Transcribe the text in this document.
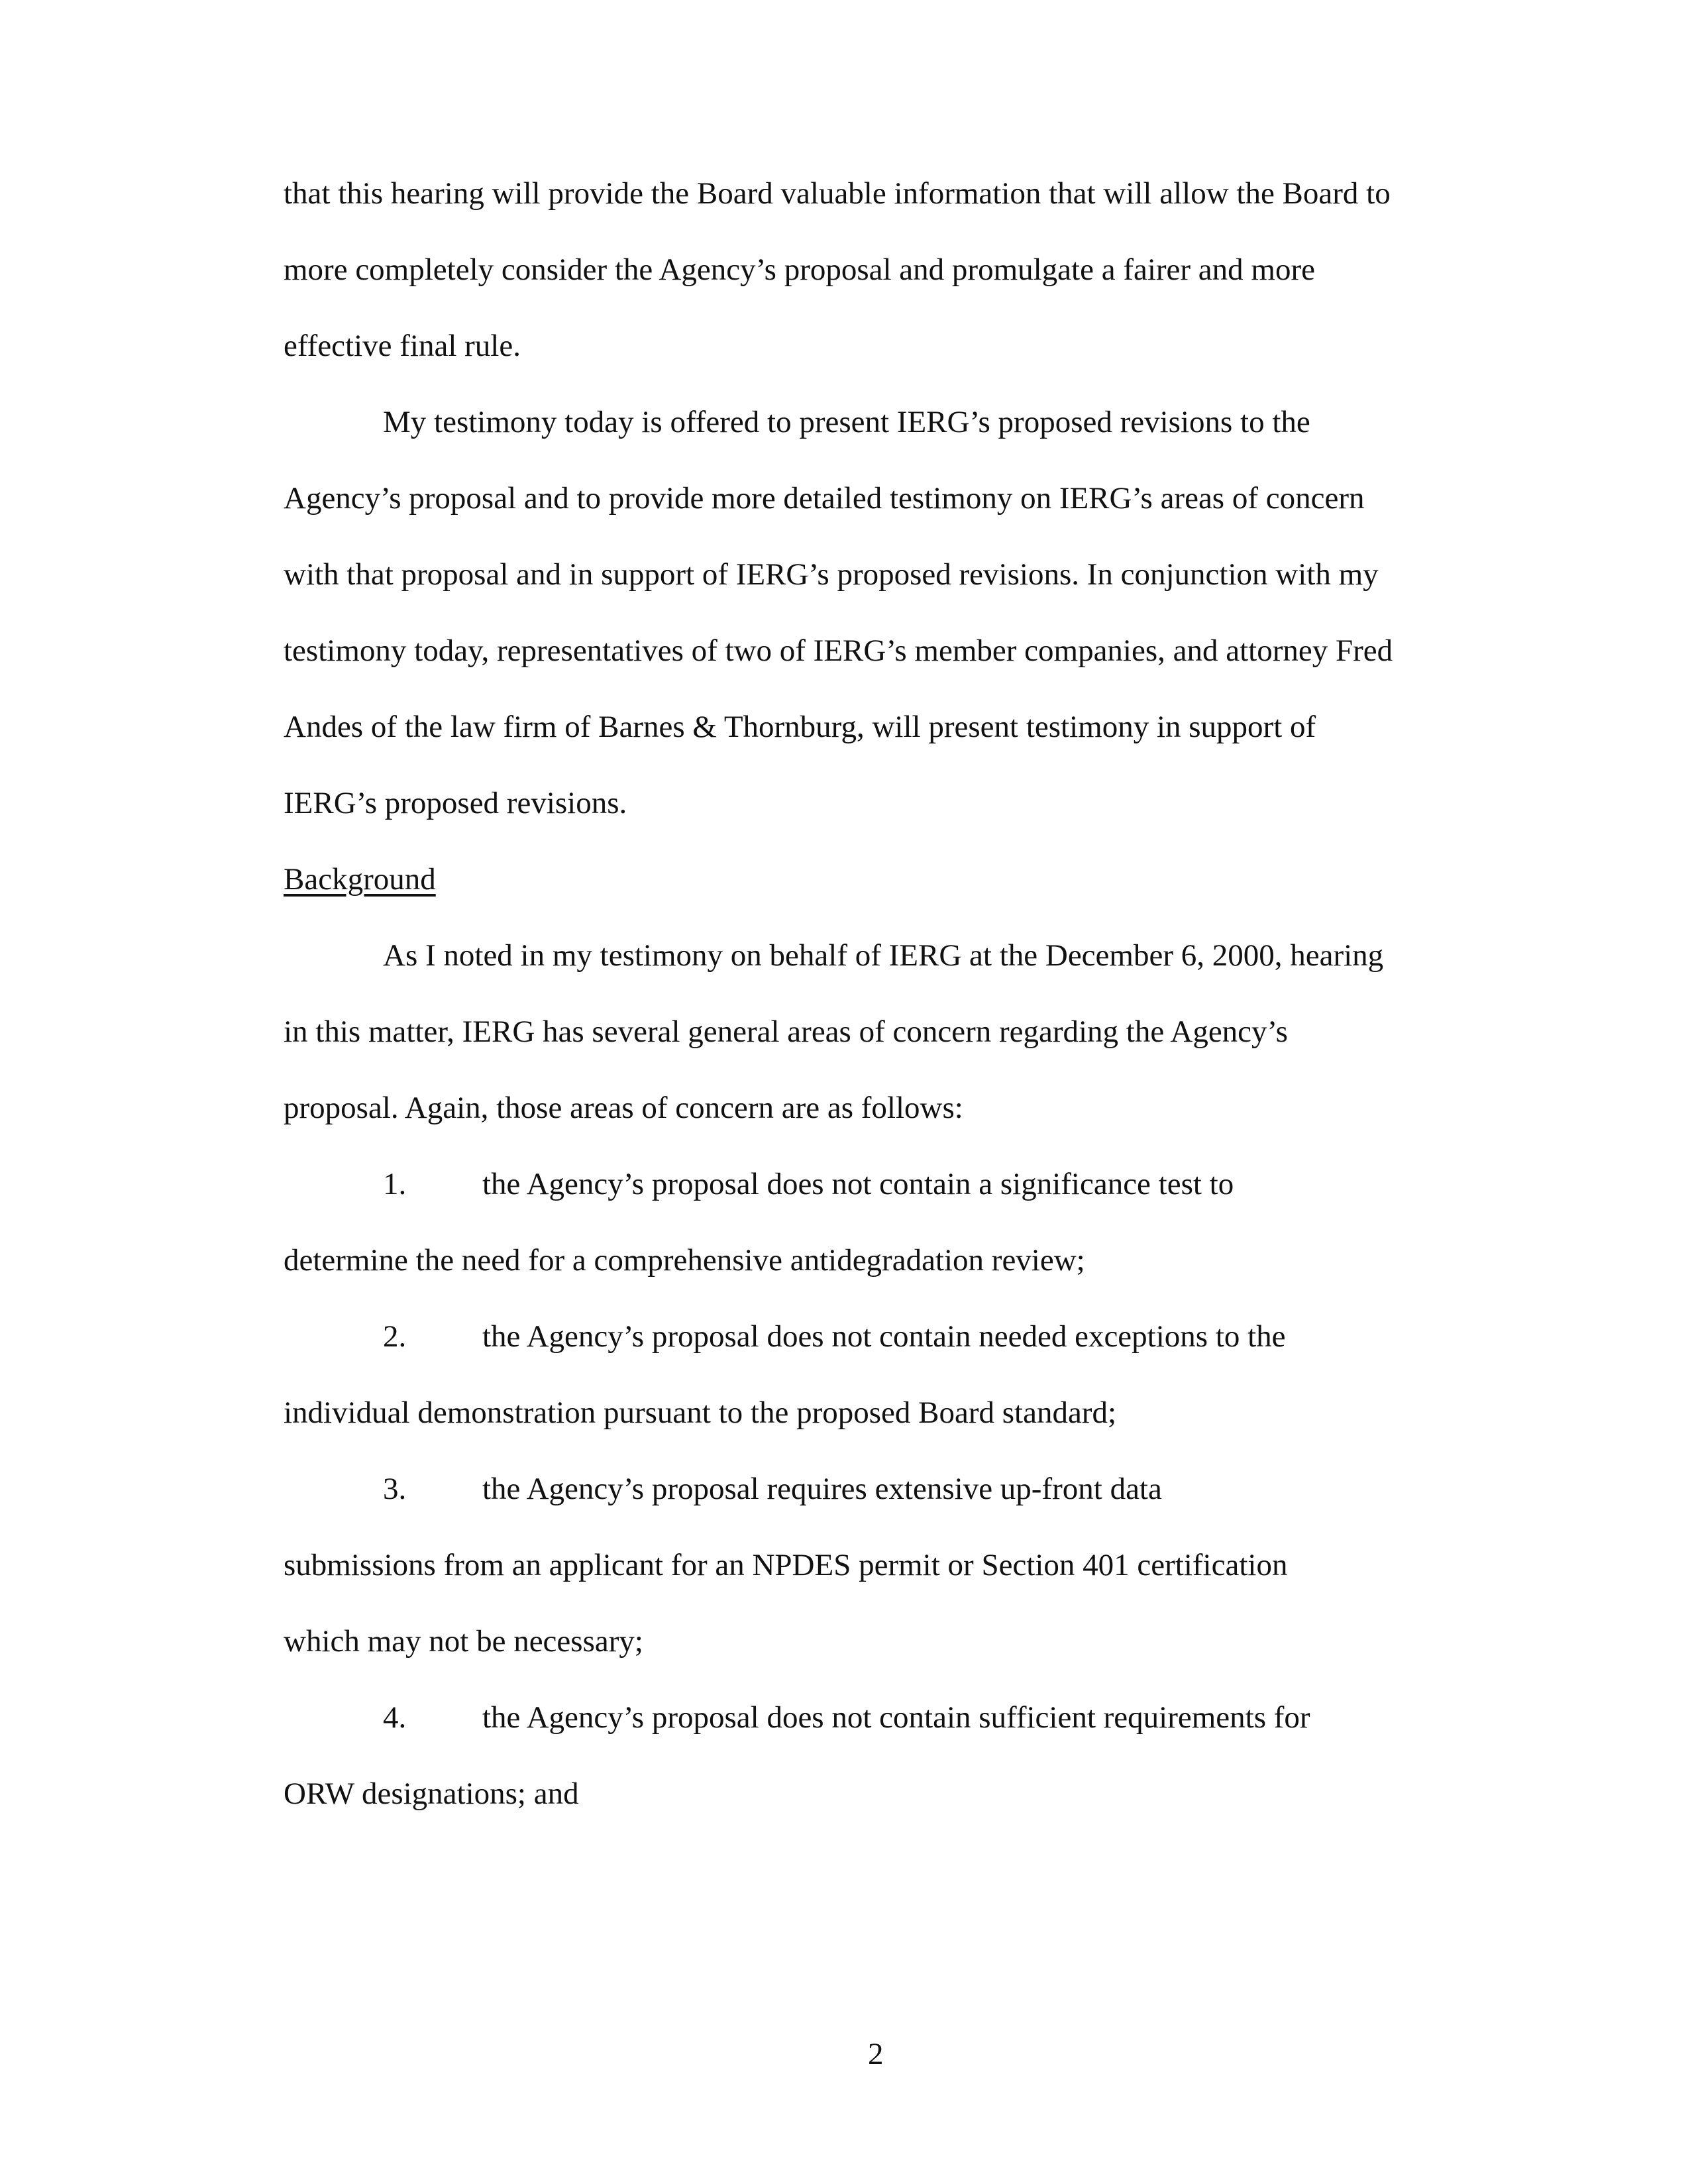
that this hearing will provide the Board valuable information that will allow the Board to
more completely consider the Agency’s proposal and promulgate a fairer and more
effective final rule.
My testimony today is offered to present IERG’s proposed revisions to the
Agency’s proposal and to provide more detailed testimony on IERG’s areas of concern
with that proposal and in support of IERG’s proposed revisions. In conjunction with my
testimony today, representatives of two of IERG’s member companies, and attorney Fred
Andes of the law firm of Barnes & Thornburg, will present testimony in support of
IERG’s proposed revisions.
Background
As I noted in my testimony on behalf of IERG at the December 6, 2000, hearing
in this matter, IERG has several general areas of concern regarding the Agency’s
proposal. Again, those areas of concern are as follows:
1. the Agency’s proposal does not contain a significance test to
determine the need for a comprehensive antidegradation review;
2. the Agency’s proposal does not contain needed exceptions to the
individual demonstration pursuant to the proposed Board standard;
3. the Agency’s proposal requires extensive up-front data
submissions from an applicant for an NPDES permit or Section 401 certification
which may not be necessary;
4. the Agency’s proposal does not contain sufficient requirements for
ORW designations; and
2
